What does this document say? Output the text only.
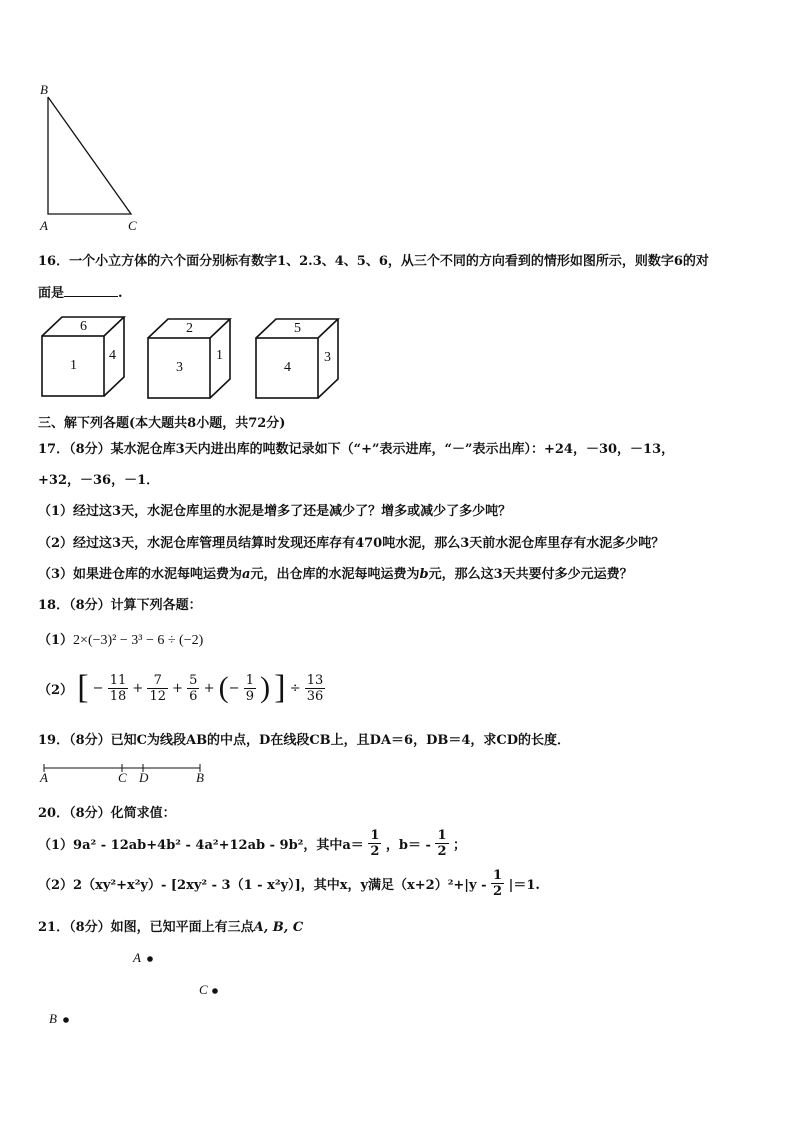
B
A	C
16．一个小立方体的六个面分别标有数字1、2.3、4、5、6，从三个不同的方向看到的情形如图所示，则数字6的对
面是	.
6
1
4
2
3
1
5
4
3
三、解下列各题(本大题共8小题，共72分)
17．（8分）某水泥仓库3天内进出库的吨数记录如下（“+”表示进库，“－”表示出库）：+24，－30，－13，
+32，－36，－1．
（1）经过这3天，水泥仓库里的水泥是增多了还是减少了？增多或减少了多少吨？
（2）经过这3天，水泥仓库管理员结算时发现还库存有470吨水泥，那么3天前水泥仓库里存有水泥多少吨？
（3）如果进仓库的水泥每吨运费为a元，出仓库的水泥每吨运费为b元，那么这3天共要付多少元运费？
18．（8分）计算下列各题：
（1）2×(−3)² − 3³ − 6 ÷ (−2)
（2） [ − $\frac{11}{18} + \frac{7}{12} + \frac{5}{6}$ + (− $\frac{1}{9}$ ) ] ÷ $\frac{13}{36}$
19．（8分）已知C为线段AB的中点，D在线段CB上，且DA＝6，DB＝4，求CD的长度．
A	C D	B
20．（8分）化简求值：
（1）9a² - 12ab+4b² - 4a²+12ab - 9b²，其中$a= \frac{1}{2}$ ，$b= - \frac{1}{2}$ ；
（2）2（xy²+x²y）- [2xy² - 3（1 - x²y）]，其中x，y满足$(x+2)^2+|y - \frac{1}{2} |=1$.
21．（8分）如图，已知平面上有三点A, B, C
A
C
B
